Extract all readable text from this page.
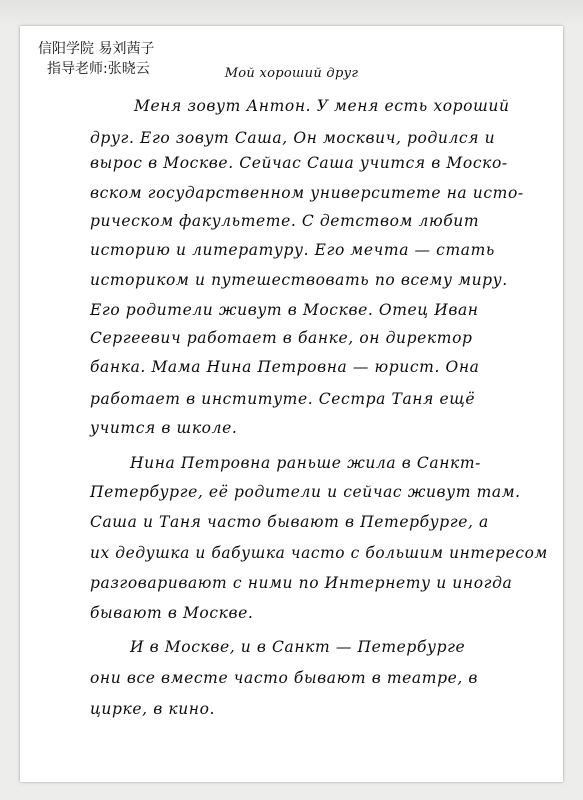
信阳学院 易刘茜子
指导老师:张晓云	Мой хороший друг
Меня зовут Антон. У меня есть хороший
друг. Его зовут Саша, Он москвич, родился и
вырос в Москве. Сейчас Саша учится в Моско-
вском государственном университете на исто-
рическом факультете. С детством любит
историю и литературу. Его мечта — стать
историком и путешествовать по всему миру.
Его родители живут в Москве. Отец Иван
Сергеевич работает в банке, он директор
банка. Мама Нина Петровна — юрист. Она
работает в институте. Сестра Таня ещё
учится в школе.
Нина Петровна раньше жила в Санкт-
Петербурге, её родители и сейчас живут там.
Саша и Таня часто бывают в Петербурге, а
их дедушка и бабушка часто с большим интересом
разговаривают с ними по Интернету и иногда
бывают в Москве.
И в Москве, и в Санкт — Петербурге
они все вместе часто бывают в театре, в
цирке, в кино.
